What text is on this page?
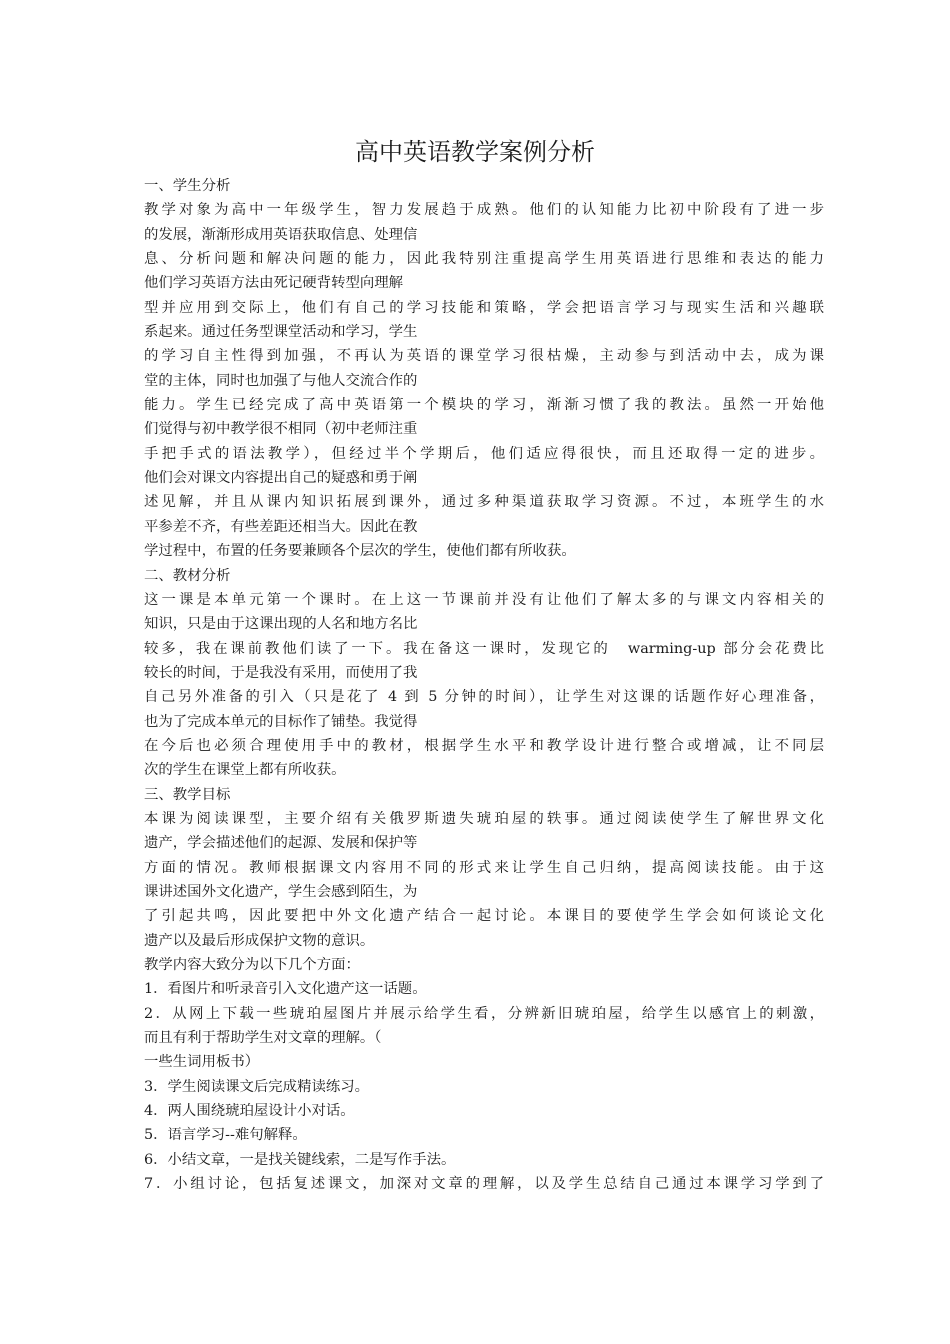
高中英语教学案例分析
一、学生分析
教学对象为高中一年级学生，智力发展趋于成熟。他们的认知能力比初中阶段有了进一步
的发展，渐渐形成用英语获取信息、处理信
息、分析问题和解决问题的能力，因此我特别注重提高学生用英语进行思维和表达的能力
他们学习英语方法由死记硬背转型向理解
型并应用到交际上，他们有自己的学习技能和策略，学会把语言学习与现实生活和兴趣联
系起来。通过任务型课堂活动和学习，学生
的学习自主性得到加强，不再认为英语的课堂学习很枯燥，主动参与到活动中去，成为课
堂的主体，同时也加强了与他人交流合作的
能力。学生已经完成了高中英语第一个模块的学习，渐渐习惯了我的教法。虽然一开始他
们觉得与初中教学很不相同（初中老师注重
手把手式的语法教学），但经过半个学期后，他们适应得很快，而且还取得一定的进步。
他们会对课文内容提出自己的疑惑和勇于阐
述见解，并且从课内知识拓展到课外，通过多种渠道获取学习资源。不过，本班学生的水
平参差不齐，有些差距还相当大。因此在教
学过程中，布置的任务要兼顾各个层次的学生，使他们都有所收获。
二、教材分析
这一课是本单元第一个课时。在上这一节课前并没有让他们了解太多的与课文内容相关的
知识，只是由于这课出现的人名和地方名比
较多，我在课前教他们读了一下。我在备这一课时，发现它的　warming-up 部分会花费比
较长的时间，于是我没有采用，而使用了我
自己另外准备的引入（只是花了 4 到 5 分钟的时间），让学生对这课的话题作好心理准备，
也为了完成本单元的目标作了铺垫。我觉得
在今后也必须合理使用手中的教材，根据学生水平和教学设计进行整合或增减，让不同层
次的学生在课堂上都有所收获。
三、教学目标
本课为阅读课型，主要介绍有关俄罗斯遗失琥珀屋的轶事。通过阅读使学生了解世界文化
遗产，学会描述他们的起源、发展和保护等
方面的情况。教师根据课文内容用不同的形式来让学生自己归纳，提高阅读技能。由于这
课讲述国外文化遗产，学生会感到陌生，为
了引起共鸣，因此要把中外文化遗产结合一起讨论。本课目的要使学生学会如何谈论文化
遗产以及最后形成保护文物的意识。
教学内容大致分为以下几个方面：
1．看图片和听录音引入文化遗产这一话题。
2．从网上下载一些琥珀屋图片并展示给学生看，分辨新旧琥珀屋，给学生以感官上的刺激，
而且有利于帮助学生对文章的理解。（
一些生词用板书）
3．学生阅读课文后完成精读练习。
4．两人围绕琥珀屋设计小对话。
5．语言学习--难句解释。
6．小结文章，一是找关键线索，二是写作手法。
7．小组讨论，包括复述课文，加深对文章的理解，以及学生总结自己通过本课学习学到了
